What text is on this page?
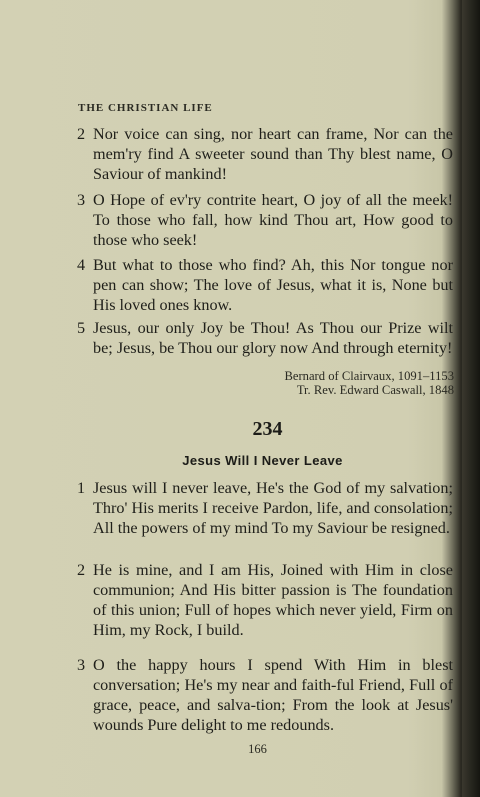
THE CHRISTIAN LIFE
2 Nor voice can sing, nor heart can frame, Nor can the mem'ry find A sweeter sound than Thy blest name, O Saviour of mankind!
3 O Hope of ev'ry contrite heart, O joy of all the meek! To those who fall, how kind Thou art, How good to those who seek!
4 But what to those who find? Ah, this Nor tongue nor pen can show; The love of Jesus, what it is, None but His loved ones know.
5 Jesus, our only Joy be Thou! As Thou our Prize wilt be; Jesus, be Thou our glory now And through eternity!
Bernard of Clairvaux, 1091–1153
Tr. Rev. Edward Caswall, 1848
234
Jesus Will I Never Leave
1 Jesus will I never leave, He's the God of my salvation; Thro' His merits I receive Pardon, life, and consolation; All the powers of my mind To my Saviour be resigned.
2 He is mine, and I am His, Joined with Him in close communion; And His bitter passion is The foundation of this union; Full of hopes which never yield, Firm on Him, my Rock, I build.
3 O the happy hours I spend With Him in blest conversation; He's my near and faith-ful Friend, Full of grace, peace, and salva-tion; From the look at Jesus' wounds Pure delight to me redounds.
166
